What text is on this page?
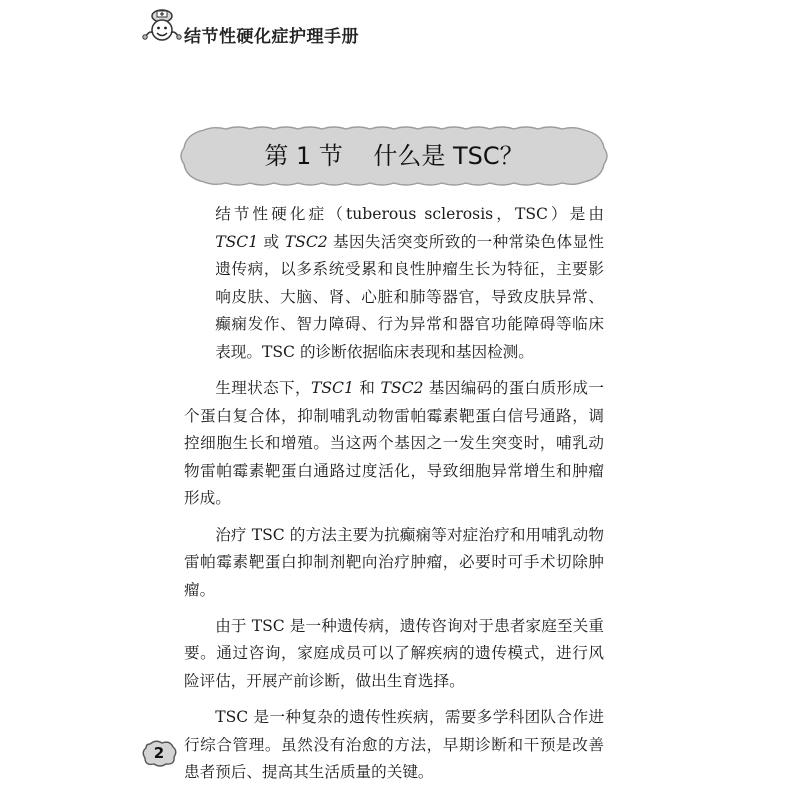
结节性硬化症护理手册
第 1 节    什么是 TSC？

结节性硬化症（tuberous sclerosis，TSC）是由 TSC1 或 TSC2 基因失活突变所致的一种常染色体显性遗传病，以多系统受累和良性肿瘤生长为特征，主要影响皮肤、大脑、肾、心脏和肺等器官，导致皮肤异常、癫痫发作、智力障碍、行为异常和器官功能障碍等临床表现。TSC 的诊断依据临床表现和基因检测。

生理状态下，TSC1 和 TSC2 基因编码的蛋白质形成一个蛋白复合体，抑制哺乳动物雷帕霉素靶蛋白信号通路，调控细胞生长和增殖。当这两个基因之一发生突变时，哺乳动物雷帕霉素靶蛋白通路过度活化，导致细胞异常增生和肿瘤形成。

治疗 TSC 的方法主要为抗癫痫等对症治疗和用哺乳动物雷帕霉素靶蛋白抑制剂靶向治疗肿瘤，必要时可手术切除肿瘤。

由于 TSC 是一种遗传病，遗传咨询对于患者家庭至关重要。通过咨询，家庭成员可以了解疾病的遗传模式，进行风险评估，开展产前诊断，做出生育选择。

TSC 是一种复杂的遗传性疾病，需要多学科团队合作进行综合管理。虽然没有治愈的方法，早期诊断和干预是改善患者预后、提高其生活质量的关键。

2
